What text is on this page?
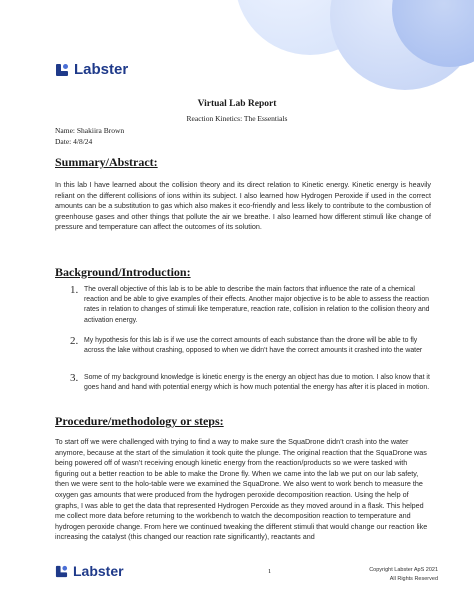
Labster
Virtual Lab Report
Reaction Kinetics: The Essentials
Name: Shakiira Brown
Date: 4/8/24
Summary/Abstract:
In this lab I have learned about the collision theory and its direct relation to Kinetic energy. Kinetic energy is heavily reliant on the different collisions of ions within its subject. I also learned how Hydrogen Peroxide if used in the correct amounts can be a substitution to gas which also makes it eco-friendly and less likely to contribute to the combustion of greenhouse gases and other things that pollute the air we breathe. I also learned how different stimuli like change of pressure and temperature can affect the outcomes of its solution.
Background/Introduction:
1. The overall objective of this lab is to be able to describe the main factors that influence the rate of a chemical reaction and be able to give examples of their effects. Another major objective is to be able to assess the reaction rates in relation to changes of stimuli like temperature, reaction rate, collision in relation to the collision theory and activation energy.
2. My hypothesis for this lab is if we use the correct amounts of each substance than the drone will be able to fly across the lake without crashing, opposed to when we didn’t have the correct amounts it crashed into the water
3. Some of my background knowledge is kinetic energy is the energy an object has due to motion. I also know that it goes hand and hand with potential energy which is how much potential the energy has after it is placed in motion.
Procedure/methodology or steps:
To start off we were challenged with trying to find a way to make sure the SquaDrone didn’t crash into the water anymore, because at the start of the simulation it took quite the plunge. The original reaction that the SquaDrone was being powered off of wasn’t receiving enough kinetic energy from the reaction/products so we were tasked with figuring out a better reaction to be able to make the Drone fly. When we came into the lab we put on our lab safety, then we were sent to the holo-table were we examined the SquaDrone. We also went to work bench to measure the oxygen gas amounts that were produced from the hydrogen peroxide decomposition reaction. Using the help of graphs, I was able to get the data that represented Hydrogen Peroxide as they moved around in a flask. This helped me collect more data before returning to the workbench to watch the decomposition reaction to temperature and hydrogen peroxide change. From here we continued tweaking the different stimuli that would change our reaction like increasing the catalyst (this changed our reaction rate significantly), reactants and
Labster	1	Copyright Labster ApS 2021
All Rights Reserved
